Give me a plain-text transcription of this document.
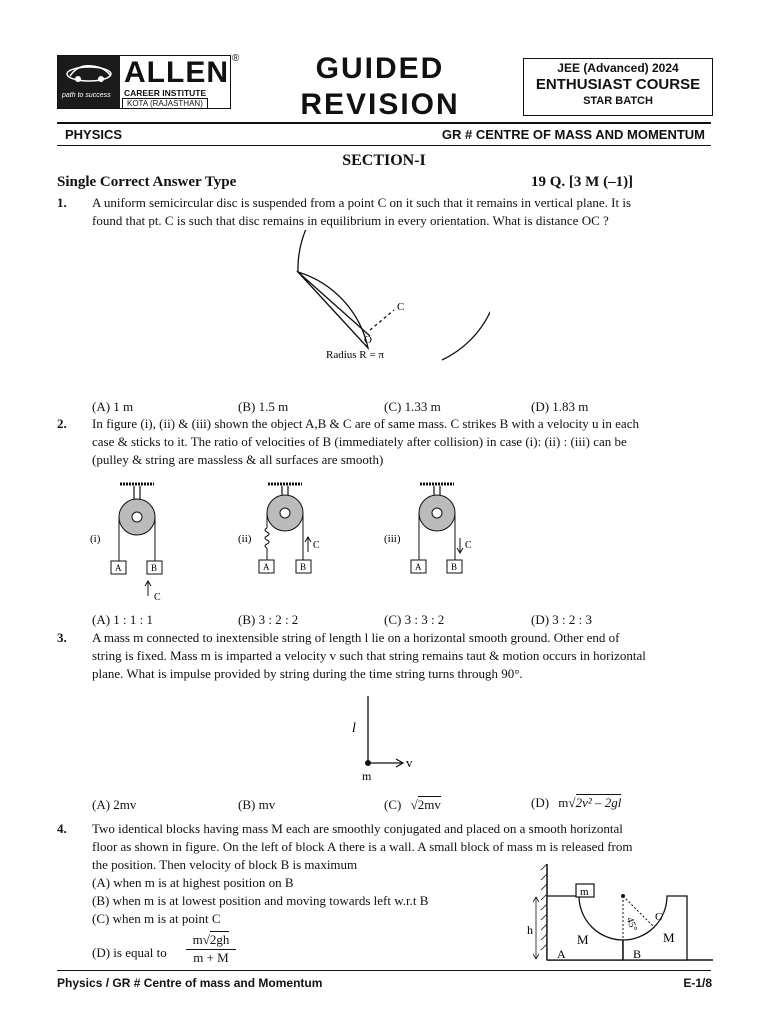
path to success
ALLEN
CAREER INSTITUTE
KOTA (RAJASTHAN)
®	GUIDED
REVISION
JEE (Advanced) 2024
ENTHUSIAST COURSE
STAR BATCH
PHYSICS	GR # CENTRE OF MASS AND MOMENTUM
SECTION-I
Single Correct Answer Type	19 Q. [3 M (–1)]
1. A uniform semicircular disc is suspended from a point C on it such that it remains in vertical plane. It is
found that pt. C is such that disc remains in equilibrium in every orientation. What is distance OC ?
C
O
Radius R = π
(A) 1 m	(B) 1.5 m	(C) 1.33 m	(D) 1.83 m
2. In figure (i), (ii) & (iii) shown the object A,B & C are of same mass. C strikes B with a velocity u in each
case & sticks to it. The ratio of velocities of B (immediately after collision) in case (i): (ii) : (iii) can be
(pulley & string are massless & all surfaces are smooth)
(i)
A	B
C
(ii)
A	B
C
(iii)
A	B
C
(A) 1 : 1 : 1	(B) 3 : 2 : 2	(C) 3 : 3 : 2	(D) 3 : 2 : 3
3. A mass m connected to inextensible string of length l lie on a horizontal smooth ground. Other end of
string is fixed. Mass m is imparted a velocity v such that string remains taut & motion occurs in horizontal
plane. What is impulse provided by string during the time string turns through 90°.
l
v
m
(A) 2mv	(B) mv	(C) √2mv	(D) m√2v² – 2gl
4. Two identical blocks having mass M each are smoothly conjugated and placed on a smooth horizontal
floor as shown in figure. On the left of block A there is a wall. A small block of mass m is released from
the position. Then velocity of block B is maximum
(A) when m is at highest position on B
(B) when m is at lowest position and moving towards left w.r.t B
(C) when m is at point C
(D) is equal to
m√2gh
m + M
m
h
M	M
A	B
C
45°
Physics / GR # Centre of mass and Momentum	E-1/8
